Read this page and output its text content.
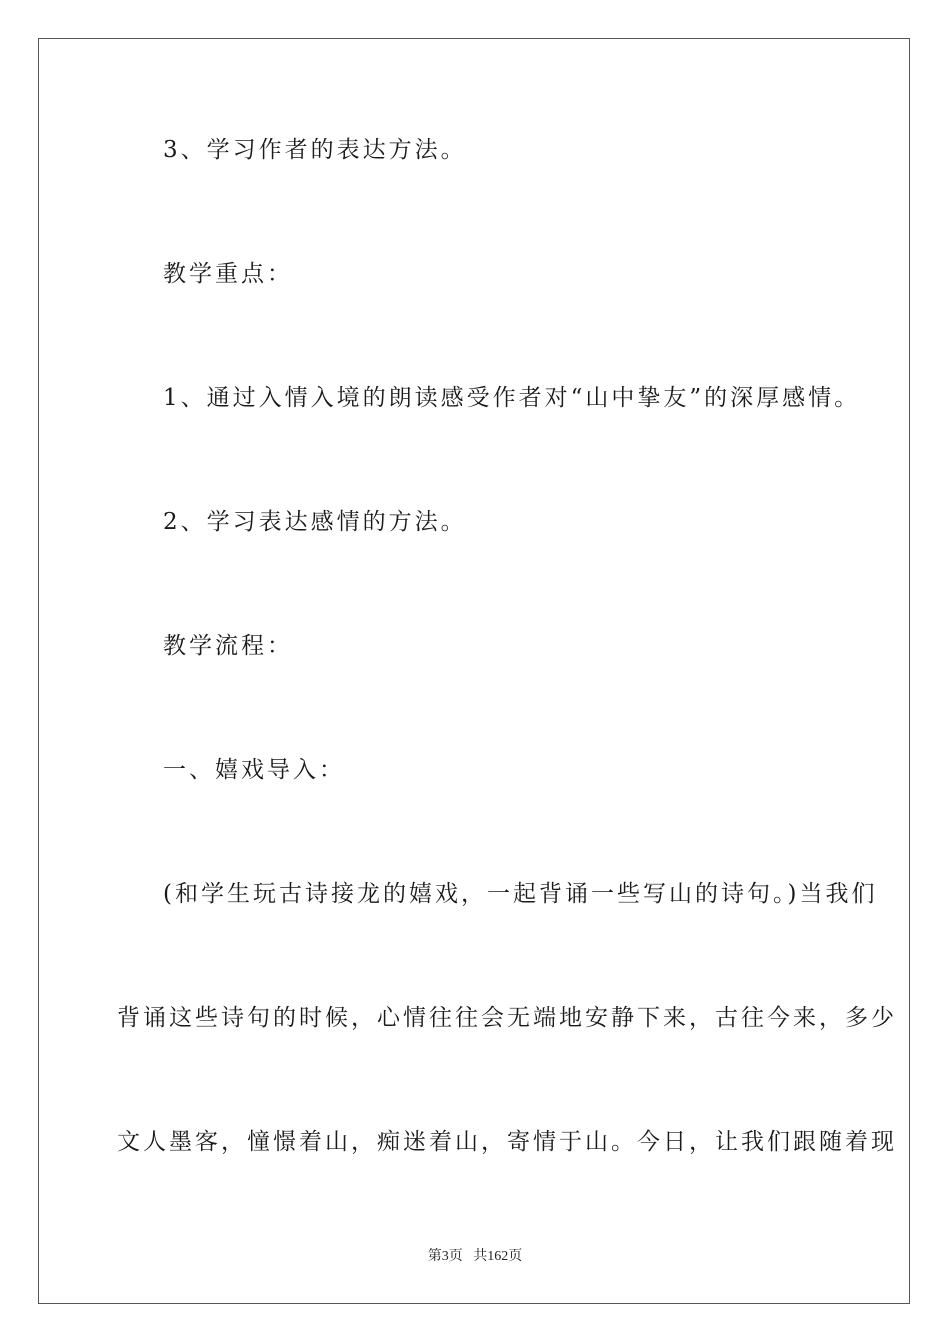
3、学习作者的表达方法。
教学重点：
1、通过入情入境的朗读感受作者对“山中挚友”的深厚感情。
2、学习表达感情的方法。
教学流程：
一、嬉戏导入：
(和学生玩古诗接龙的嬉戏，一起背诵一些写山的诗句。)当我们
背诵这些诗句的时候，心情往往会无端地安静下来，古往今来，多少
文人墨客，憧憬着山，痴迷着山，寄情于山。今日，让我们跟随着现
第3页 共162页
